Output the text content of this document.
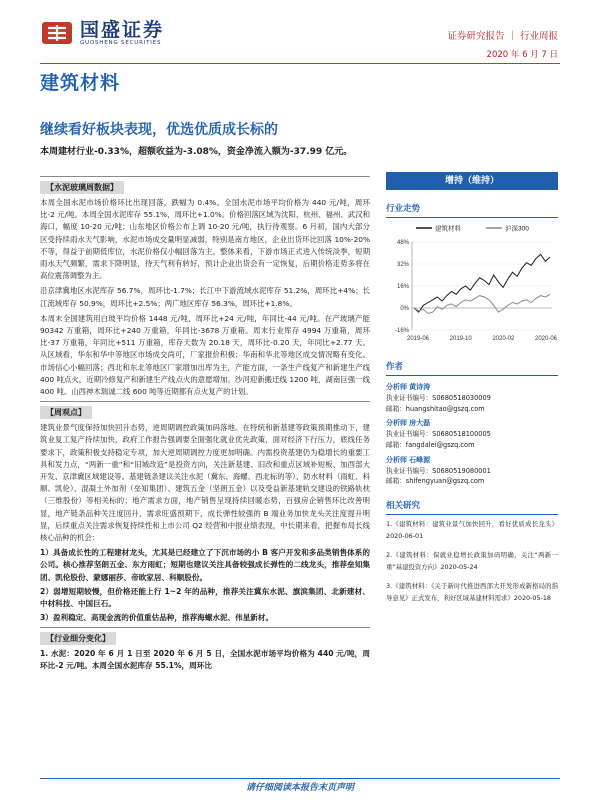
国盛证券
GUOSHENG SECURITIES
证券研究报告 ｜ 行业周报
2020 年 6 月 7 日
建筑材料
继续看好板块表现，优选优质成长标的
本周建材行业-0.33%，超额收益为-3.08%，资金净流入额为-37.99 亿元。
【水泥玻璃周数据】
本周全国水泥市场价格环比出现回落，跌幅为 0.4%。全国水泥市场平均价格为 440 元/吨，周环比-2 元/吨。本周全国水泥库存 55.1%，周环比+1.0%。价格回落区域为沈阳、杭州、福州、武汉和海口，幅度 10-20 元/吨；山东地区价格公布上调 10-20 元/吨，执行待观察。6 月初，国内大部分区受持续雨水天气影响，水泥市场成交量明显减弱，特别是南方地区，企业出货环比回落 10%-20%不等，得益于前期低库位，水泥价格仅小幅回落为主。整体来看，下游市场正式进入传统淡季，短期雨水天气频繁，需求下降明显，待天气利有转好，预计企业出货会有一定恢复，后期价格走势多将在高位震荡调整为主。
沿京津冀地区水泥库存 56.7%，周环比-1.7%；长江中下游流域水泥库存 51.2%，周环比+4%；长江流域库存 50.9%，周环比+2.5%；两广地区库存 56.3%，周环比+1.8%。
本周末全国建筑用白玻平均价格 1448 元/吨，周环比+24 元/吨，年同比-44 元/吨。在产玻璃产能 90342 万重箱，周环比+240 万重箱，年同比-3678 万重箱。周末行业库存 4994 万重箱，周环比-37 万重箱，年同比+511 万重箱，库存天数为 20.18 天，周环比-0.20 天，年同比+2.77 天。从区域看，华东和华中等地区市场成交尚可，厂家报价积极；华南和华北等地区成交情况略有变化。市场信心小幅回落；西北和东北等地区厂家增加出库为主，产能方面，一条生产线复产和新建生产线 400 吨点火，近期冷修复产和新建生产线点火的意愿增加。沙河迎新搬迁线 1200 吨，湖南巨强一线 400 吨。山西神木瑞诚二线 600 吨等近期都有点火复产的计划。
【周观点】
建筑业景气度保持加快回升态势，逆周期调控政策加码落地。在特统和新基建等政策预期推动下，建筑业复工复产持续加快，政府工作报告强调要全面强化就业优先政策，面对经济下行压力，底线任务要求下，政策积极支持稳定专项，加大逆周期调控力度更加明确。内需投资基建仍为稳增长的重要工具和发力点，“两新一重”和“旧城改造”是投资方向，关注新基建、旧改和重点区域补短板、加西部大开发、京津冀区域建设等。基建链条建议关注水泥（冀东、海螺、西北标的等）、防水材料（雨虹、科顺、凯伦）、混凝土外加剂（垒知集团）、建筑五金（坚朗五金）以及受益新基建轨交建设的铁路轨枕（三维股份）等相关标的；地产需求方面，地产销售呈现持续回暖态势，百强房企销售环比改善明显，地产链条品种关注度回升，需求旺盛预期下，成长弹性较强的 B 端业务加快龙头关注度提升明显，后续重点关注需求恢复持续性和上市公司 Q2 经营和中报业绩表现，中长期来看，把握布局长线核心品种的机会：
1）具备成长性的工程建材龙头，尤其是已经建立了下沉市场的小 B 客户开发和多品类销售体系的公司。核心推荐坚朗五金、东方雨虹；短期也建议关注具备较强成长弹性的二线龙头，推荐垒知集团、凯伦股份、蒙娜丽莎、帝欧家居、科顺股份。
2）弱增短期较慢，但价格还能上行 1~2 年的品种，推荐关注冀东水泥、旗滨集团、北新建材、中材科技、中国巨石。
3）盈利稳定、高现金流的价值重估品种，推荐海螺水泥、伟星新材。
【行业细分变化】
1. 水泥：2020 年 6 月 1 日至 2020 年 6 月 5 日，全国水泥市场平均价格为 440 元/吨，周环比-2 元/吨。本周全国水泥库存 55.1%，周环比
增持（维持）
行业走势
建筑材料	沪深300
48%
32%
16%
0%
-16%
2019-06	2019-10	2020-02	2020-06
作者
分析师 黄诗涛
执业证书编号：S0680518030009
邮箱：huangshitao@gszq.com
分析师 房大磊
执业证书编号：S0680518100005
邮箱：fangdalei@gszq.com
分析师 石峰源
执业证书编号：S0680519080001
邮箱：shifengyuan@gszq.com
相关研究
1.《建筑材料：建筑业景气加快回升，看好优质成长龙头》2020-06-01
2.《建筑材料：保就业稳增长政策加码明确，关注“两新一重”基建投资方向》2020-05-24
3.《建筑材料：《关于新时代推进西部大开发形成新格局的指导意见》正式发布，利好区域基建材料需求》2020-05-18
请仔细阅读本报告末页声明
